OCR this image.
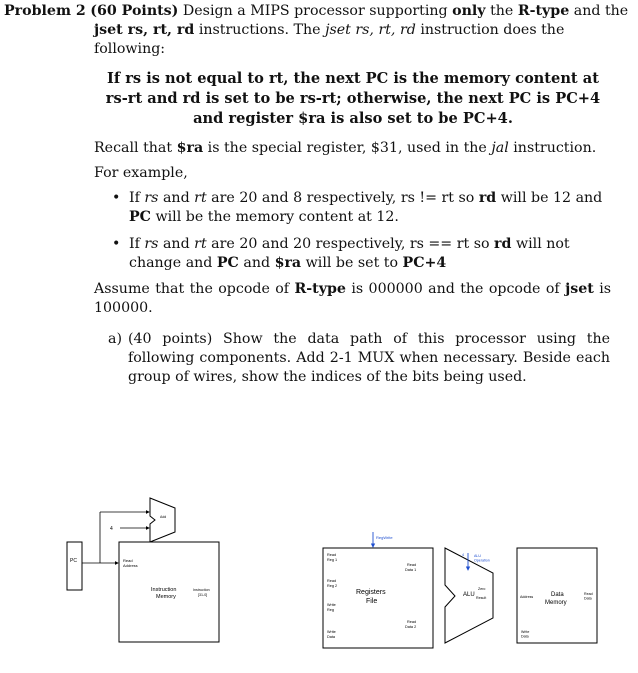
Problem 2 (60 Points) Design a MIPS processor supporting only the R-type and the
jset rs, rt, rd instructions. The jset rs, rt, rd instruction does the following:
If rs is not equal to rt, the next PC is the memory content at
rs-rt and rd is set to be rs-rt; otherwise, the next PC is PC+4
and register $ra is also set to be PC+4.
Recall that $ra is the special register, $31, used in the jal instruction.
For example,
• If rs and rt are 20 and 8 respectively, rs != rt so rd will be 12 and PC will be the memory content at 12.
• If rs and rt are 20 and 20 respectively, rs == rt so rd will not change and PC and $ra will be set to PC+4
Assume that the opcode of R-type is 000000 and the opcode of jset is 100000.
a) (40 points) Show the data path of this processor using the following components. Add 2-1 MUX when necessary. Beside each group of wires, show the indices of the bits being used.
PC
4
Add
Read Address
Instruction Memory
Instruction [31-0]
Read Reg 1
Read Reg 2
Write Reg
Write Data
Registers File
Read Data 1
Read Data 2
RegWrite
ALU
Zero
Result
ALU Operation
4
Address	Data Memory
Read Data
Write Data
